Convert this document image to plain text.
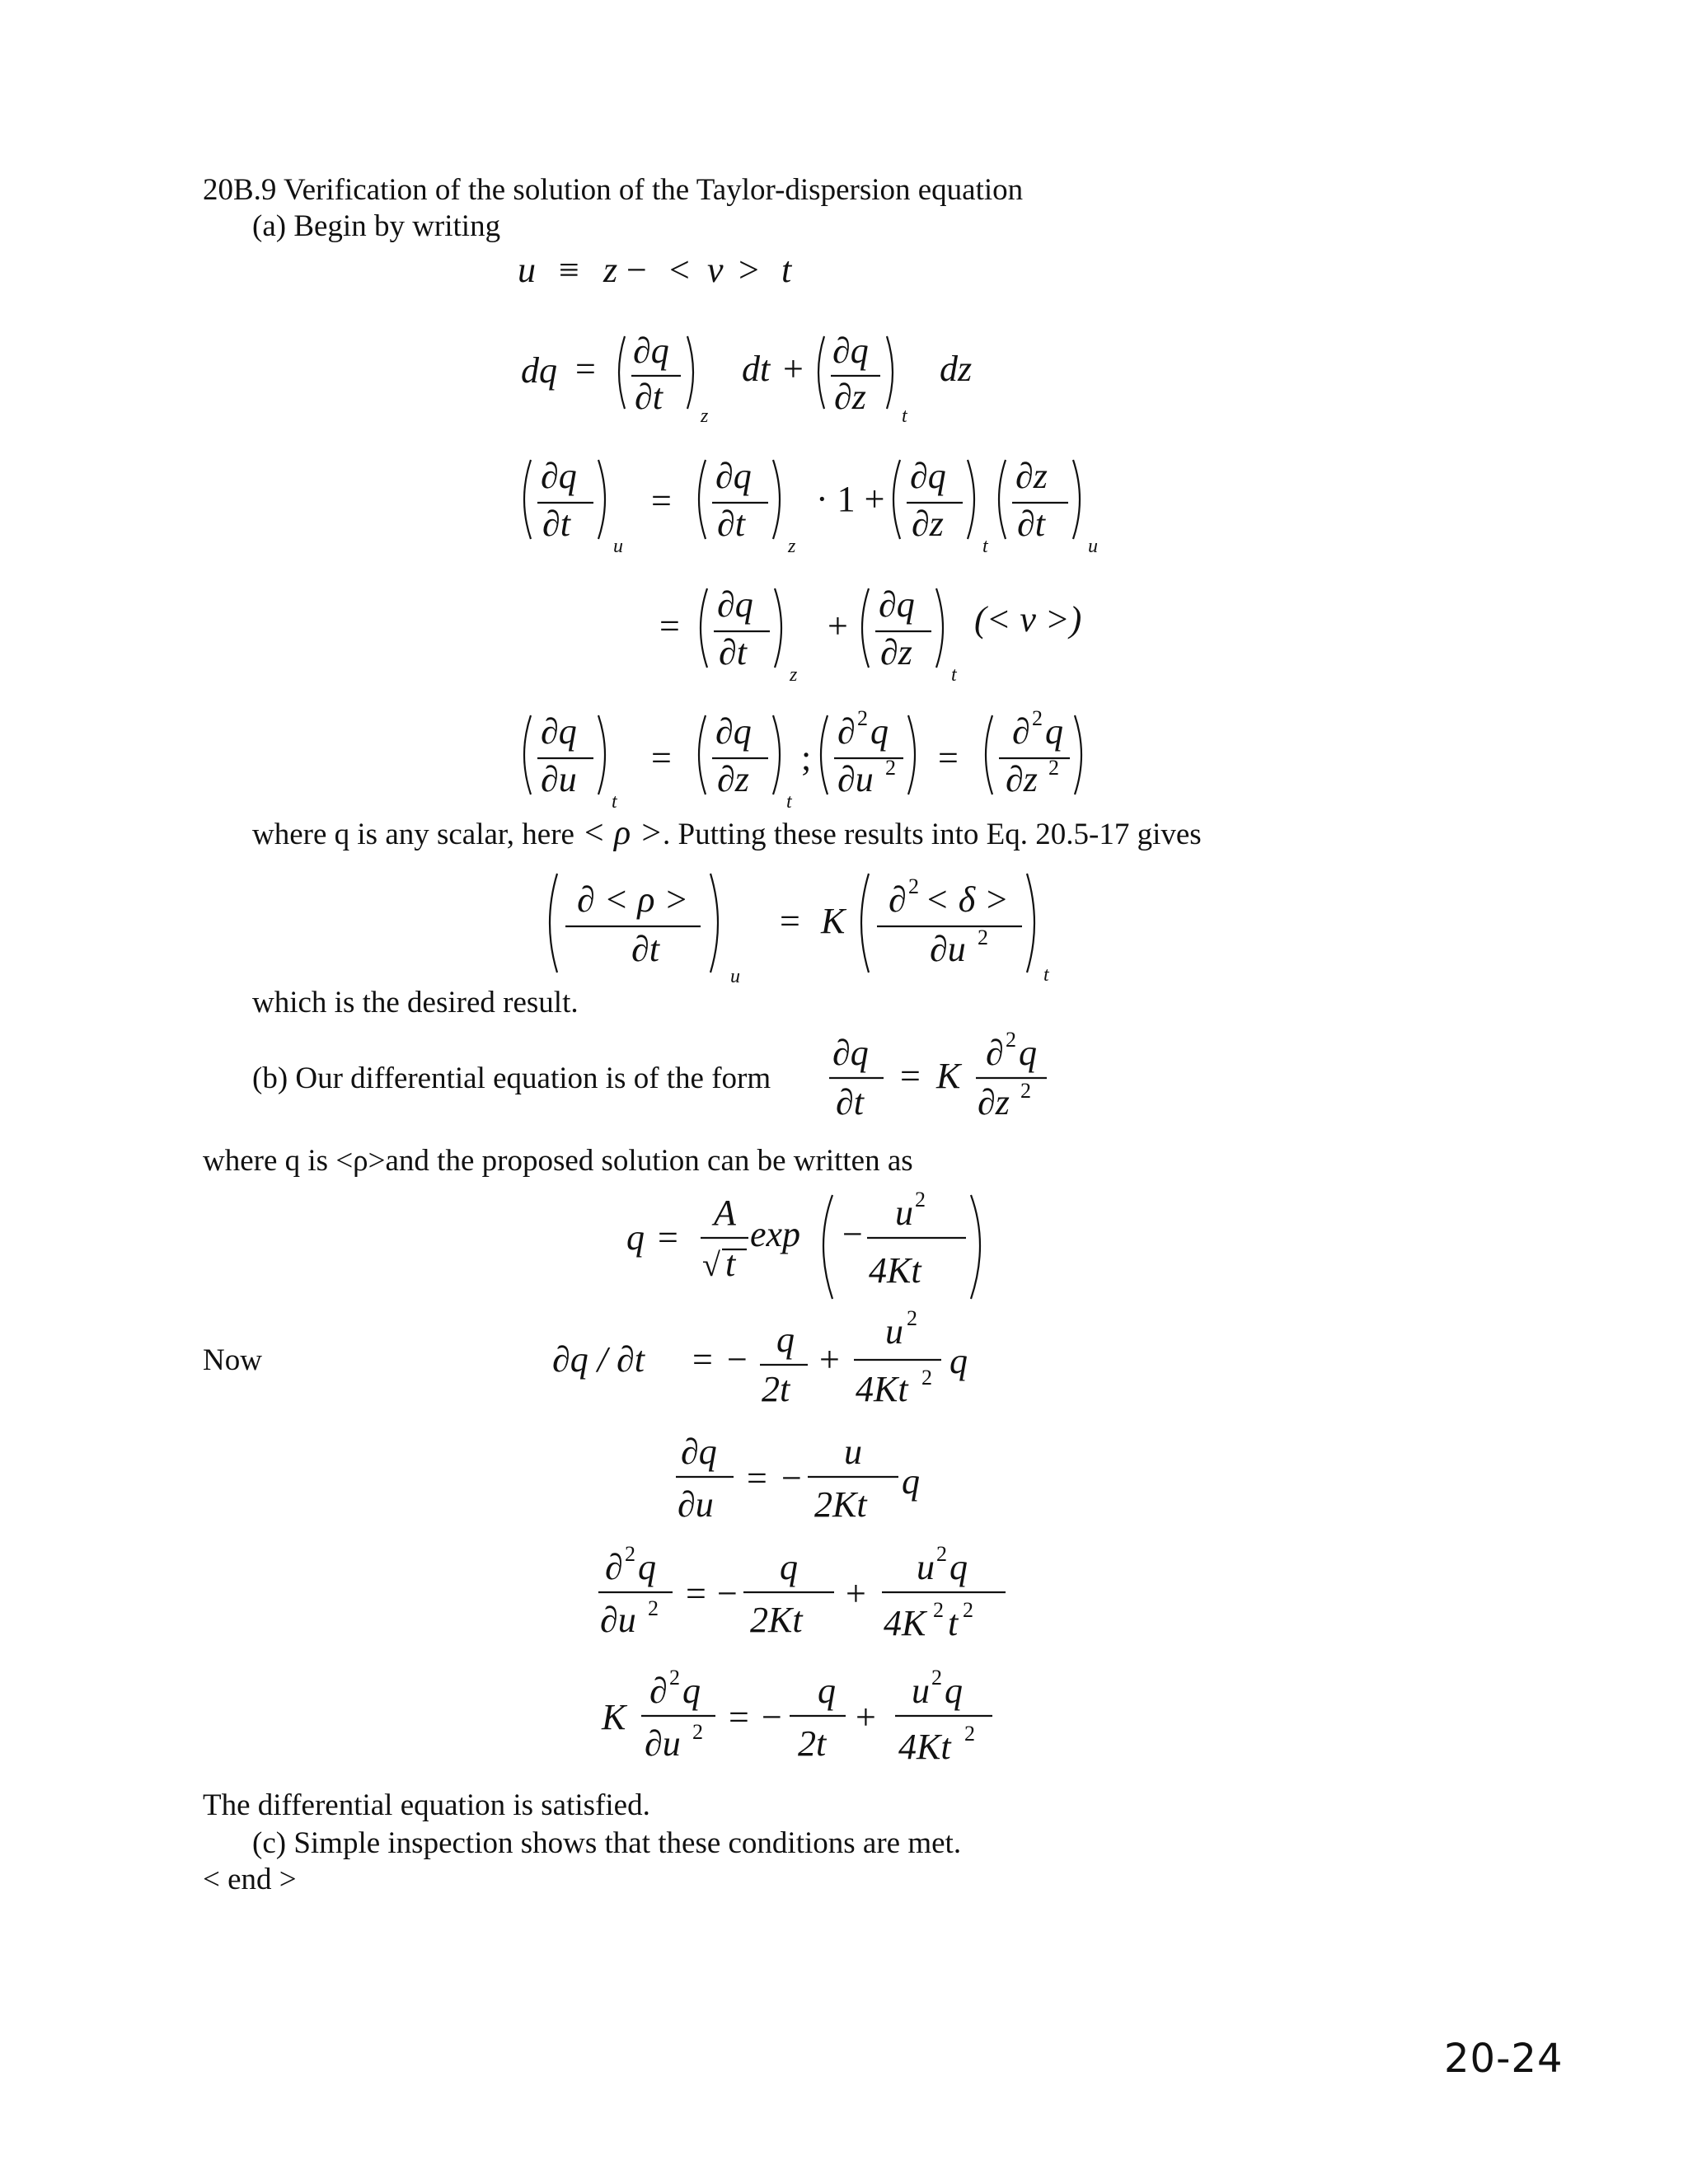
20B.9 Verification of the solution of the Taylor-dispersion equation
(a) Begin by writing
u ≡ z − < v > t
dq = ∂q
∂t z
dt + ∂q
∂z t
dz
∂q
∂t
u
=
∂q
∂t
z
· 1 +
∂q
∂z
t
∂z
∂t
u
=
∂q
∂t
z
+
∂q
∂z
t
(< v >)
∂q
∂u
t
=
∂q
∂z
t
;
∂ 2 q
∂u 2 =
∂ 2 q
∂z 2
where q is any scalar, here < ρ >. Putting these results into Eq. 20.5-17 gives
∂ < ρ >
∂t
u
= K
∂ 2 < δ >
∂u 2
t
which is the desired result.
(b) Our differential equation is of the form
∂q
∂t
= K
∂ 2 q
∂z 2
where q is <ρ>and the proposed solution can be written as
q =
A
√ t
exp −
u 2
4Kt
Now	∂q / ∂t = − q
2t
+
u 2
4Kt 2 q
∂q
∂u
= −
u
2Kt
q
∂ 2 q
∂u 2 = −
q
2Kt
+
u 2 q
4K 2 t 2
K
∂ 2 q
∂u 2 = −
q
2t
+
u 2 q
4Kt 2
The differential equation is satisfied.
(c) Simple inspection shows that these conditions are met.
< end >
20-24
